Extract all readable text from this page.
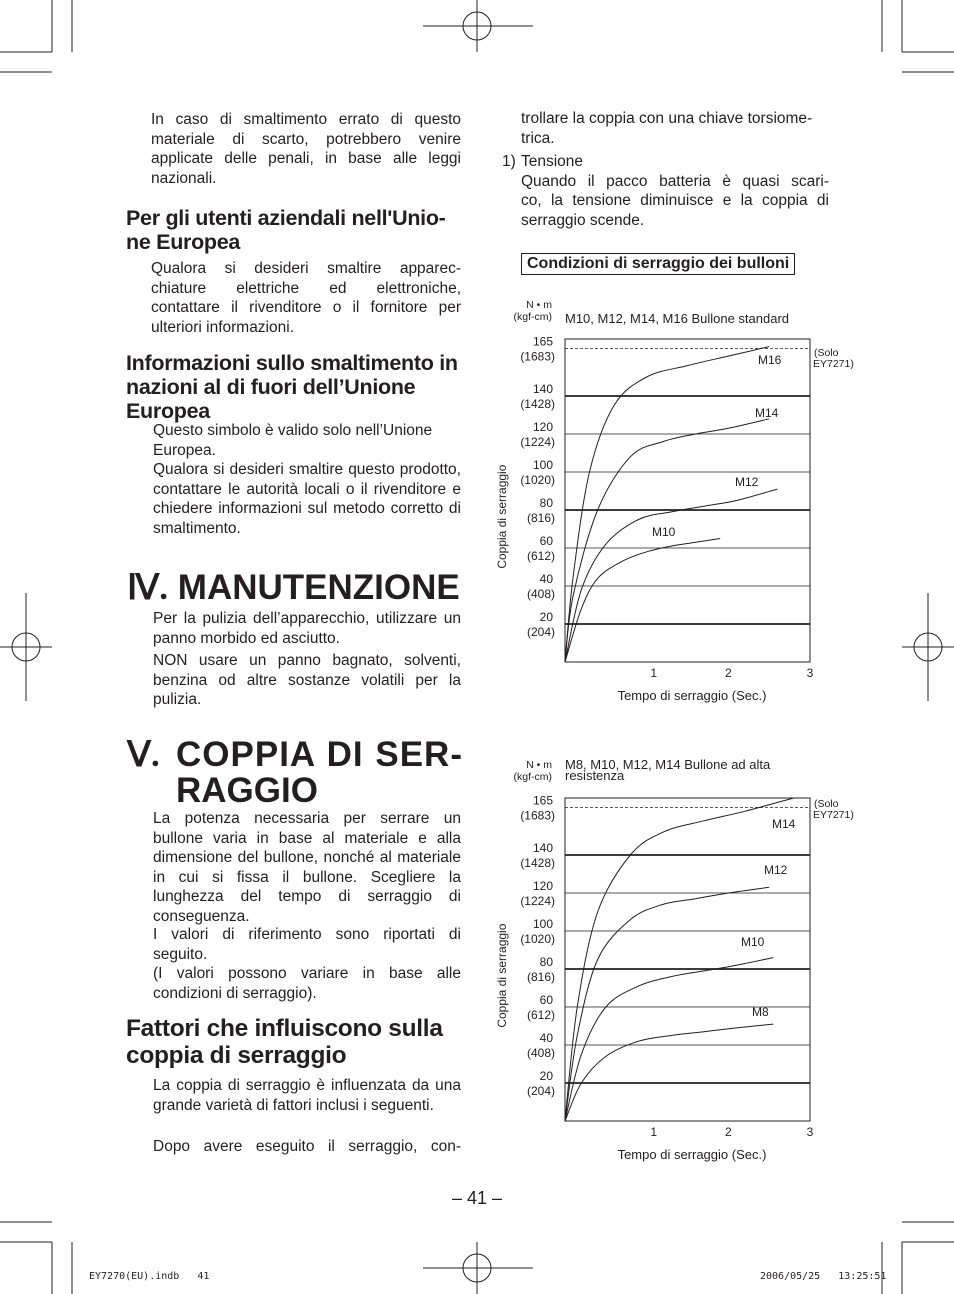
In caso di smaltimento errato di questo materiale di scarto, potrebbero venire applicate delle penali, in base alle leggi nazionali.

Per gli utenti aziendali nell'Unio-
ne Europea

Qualora si desideri smaltire apparec-

chiature elettriche ed elettroniche,

contattare il rivenditore o il fornitore per ulteriori informazioni.

Informazioni sullo smaltimento in nazioni al di fuori dell’Unione Europea

Questo simbolo è valido solo nell’Unione Europea.

Qualora si desideri smaltire questo prodotto, contattare le autorità locali o il rivenditore e chiedere informazioni sul metodo corretto di smaltimento.

Ⅳ. MANUTENZIONE

Per la pulizia dell’apparecchio, utilizzare un panno morbido ed asciutto.

NON usare un panno bagnato, solventi, benzina od altre sostanze volatili per la pulizia.

Ⅴ. COPPIA DI SER-
RAGGIO

La potenza necessaria per serrare un bullone varia in base al materiale e alla dimensione del bullone, nonché al materiale in cui si fissa il bullone. Scegliere la lunghezza del tempo di serraggio di conseguenza.

I valori di riferimento sono riportati di seguito.

(I valori possono variare in base alle condizioni di serraggio).

Fattori che influiscono sulla
coppia di serraggio

La coppia di serraggio è influenzata da una grande varietà di fattori inclusi i seguenti.

Dopo avere eseguito il serraggio, con-

trollare la coppia con una chiave torsiome-

trica.

1) Tensione

Quando il pacco batteria è quasi scari-

co, la tensione diminuisce e la coppia di

serraggio scende.

Condizioni di serraggio dei bulloni
165
(1683)
140
(1428)
120
(1224)
100
(1020)
80
(816)
60
(612)
40
(408)
20
(204)
1	2	3
Tempo di serraggio (Sec.)
Coppia di serraggio
N • m
(kgf-cm) M10, M12, M14, M16 Bullone standard
(Solo
EY7271)
M16
M14
M12
M10
165
(1683)
140
(1428)
120
(1224)
100
(1020)
80
(816)
60
(612)
40
(408)
20
(204)
1	2	3
Tempo di serraggio (Sec.)
Coppia di serraggio
N • m
(kgf-cm)
M8, M10, M12, M14 Bullone ad alta
resistenza
(Solo
EY7271)
M14
M12
M10
M8
– 41 –
EY7270(EU).indb   41	2006/05/25   13:25:51
